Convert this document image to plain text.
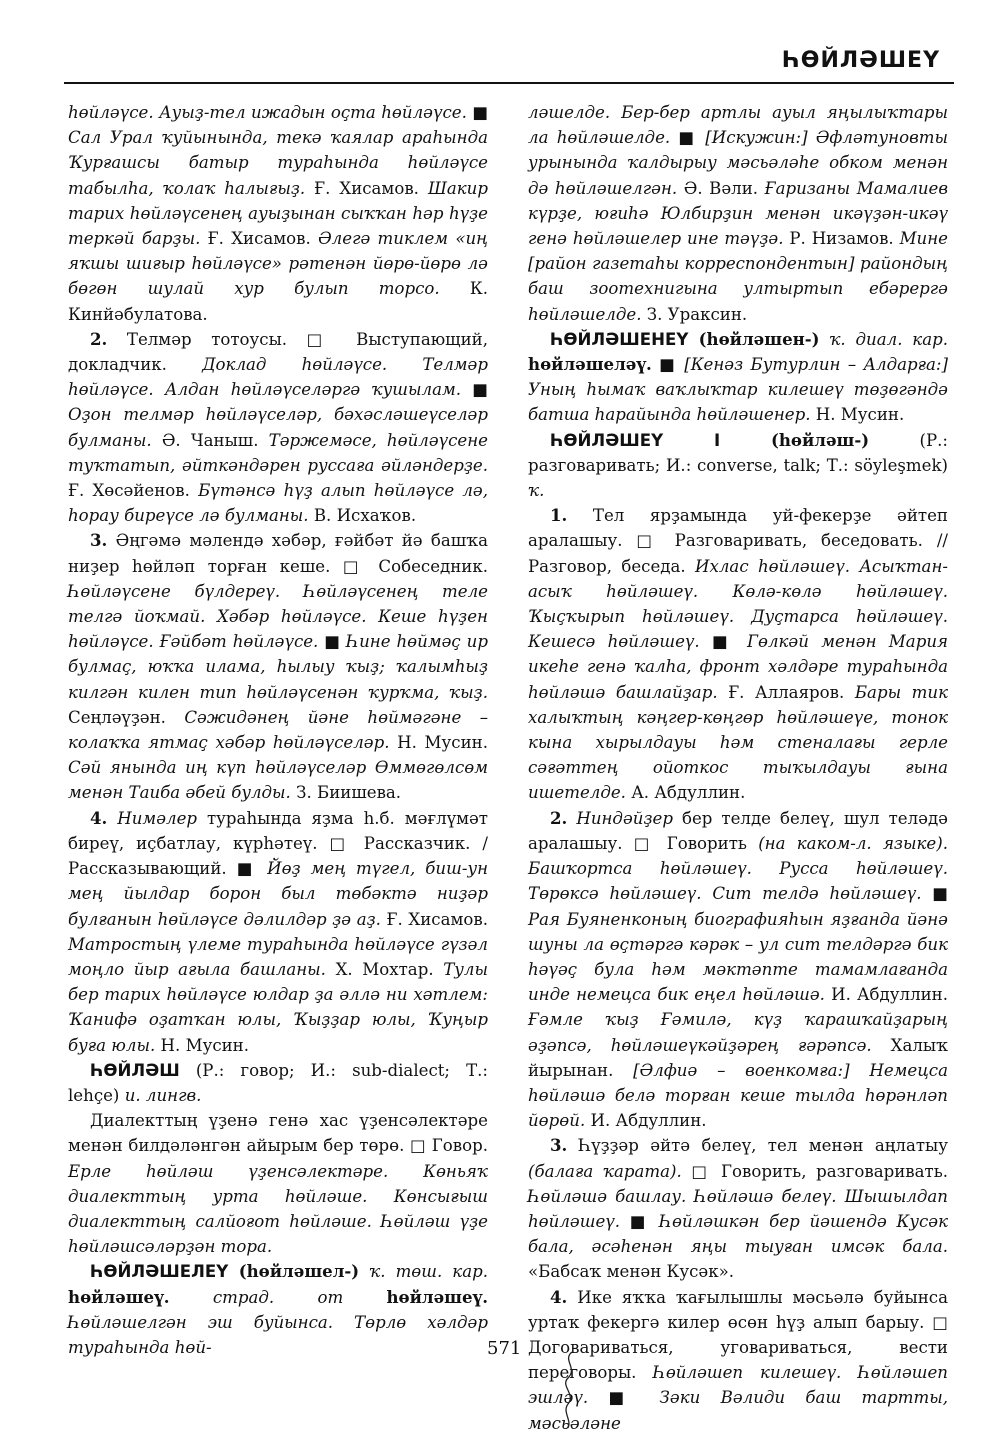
ҺӨЙЛӘШЕҮ

һөйләүсе. Ауыҙ-тел ижадын оҫта һөйләүсе. ■ Сал Урал ҡуйынында, текә ҡаялар араһында Ҡурғашсы батыр тураһында һөйләүсе табылһа, ҡолаҡ һалығыҙ. Ғ. Хисамов. Шакир тарих һөйләүсенең ауыҙынан сыҡҡан һәр һүҙе теркәй барҙы. Ғ. Хисамов. Әлегә тиклем «иң яҡшы шиғыр һөйләүсе» рәтенән йөрө-йөрө лә бөгөн шулай хур булып торсо. К. Кинйәбулатова.

2. Телмәр тотоусы. □ Выступающий, докладчик. Доклад һөйләүсе. Телмәр һөйләүсе. Алдан һөйләүселәргә ҡушылам. ■ Оҙон телмәр һөйләүселәр, бәхәсләшеүселәр булманы. Ә. Чаныш. Тәржемәсе, һөйләүсене туҡтатып, әйткәндәрен руссаға әйләндерҙе. Ғ. Хөсәйенов. Бүтәнсә һүҙ алып һөйләүсе лә, һорау биреүсе лә булманы. В. Исхаҡов.

3. Әңгәмә мәлендә хәбәр, ғәйбәт йә башҡа ниҙер һөйләп торған кеше. □ Собеседник. Һөйләүсене бүлдереү. Һөйләүсенең теле телгә йоҡмай. Хәбәр һөйләүсе. Кеше һүҙен һөйләүсе. Ғәйбәт һөйләүсе. ■ Һине һөймәҫ ир булмаҫ, юҡҡа илама, һылыу ҡыҙ; ҡалымһыҙ килгән килен тип һөйләүсенән ҡурҡма, ҡыҙ. Сеңләүҙән. Сәжидәнең йәне һөймәгәне – колаҡҡа ятмаҫ хәбәр һөйләүселәр. Н. Мусин. Сәй янында иң күп һөйләүселәр Өммөгөлсөм менән Таиба әбей булды. З. Биишева.

4. Нимәлер тураһында яҙма һ.б. мәғлүмәт биреү, иҫбатлау, күрһәтеү. □ Рассказчик. / Рассказывающий. ■ Йөҙ мең түгел, биш-ун мең йылдар борон был төбәктә ниҙәр булғанын һөйләүсе дәлилдәр ҙә аҙ. Ғ. Хисамов. Матростың үлеме тураһында һөйләүсе гүзәл моңло йыр ағыла башланы. Х. Мохтар. Тулы бер тарих һөйләүсе юлдар ҙа әллә ни хәтлем: Ҡанифә оҙатҡан юлы, Ҡыҙҙар юлы, Ҡуңыр буға юлы. Н. Мусин.

ҺӨЙЛӘШ (Р.: говор; И.: sub-dialect; Т.: lehçe) и. лингв.

Диалекттың үҙенә генә хас үҙенсәлектәре менән билдәләнгән айырым бер төрө. □ Говор. Ерле һөйләш үҙенсәлектәре. Көньяҡ диалекттың урта һөйләше. Көнсығыш диалекттың салйоғот һөйләше. Һөйләш үҙе һөйләшсәләрҙән тора.

ҺӨЙЛӘШЕЛЕҮ (һөйләшел-) ҡ. төш. кар. һөйләшеү. страд. от һөйләшеү. Һөйләшелгән эш буйынса. Төрлө хәлдәр тураһында һөй-

ләшелде. Бер-бер артлы ауыл яңылыҡтары ла һөйләшелде. ■ [Искужин:] Әфләтуновты урынында ҡалдырыу мәсьәләһе обком менән дә һөйләшелгән. Ә. Вәли. Ғаризаны Мамалиев күрҙе, юғиһә Юлбирҙин менән икәүҙән-икәү генә һөйләшелер ине тәүҙә. Р. Низамов. Мине [район газетаһы корреспондентын] райондың баш зоотехнигына ултыртып ебәрергә һөйләшелде. З. Ураксин.

ҺӨЙЛӘШЕНЕҮ (һөйләшен-) ҡ. диал. кар. һөйләшеләү. ■ [Кенәз Бутурлин – Алдарға:] Уның һымаҡ ваҡлыҡтар килешеү төҙөгәндә батша һарайында һөйләшенер. Н. Мусин.

ҺӨЙЛӘШЕҮ I (һөйләш-) (Р.: разговаривать; И.: converse, talk; Т.: söyleşmek) ҡ.

1. Тел ярҙамында уй-фекерҙе әйтеп аралашыу. □ Разговаривать, беседовать. // Разговор, беседа. Ихлас һөйләшеү. Асыҡтан-асыҡ һөйләшеү. Көлә-көлә һөйләшеү. Ҡыҫҡырып һөйләшеү. Дуҫтарса һөйләшеү. Кешесә һөйләшеү. ■ Гөлкәй менән Мария икеһе генә ҡалһа, фронт хәлдәре тураһында һөйләшә башлайҙар. Ғ. Аллаяров. Бары тик халыҡтың кәңгер-көңгөр һөйләшеүе, тонок кына хырылдауы һәм стеналағы герле сәғәттең ойоткос тыҡылдауы ғына ишетелде. А. Абдуллин.

2. Ниндәйҙер бер телде белеү, шул теләдә аралашыу. □ Говорить (на каком-л. языке). Башҡортса һөйләшеү. Русса һөйләшеү. Төрөксә һөйләшеү. Сит телдә һөйләшеү. ■ Рая Буяненконың биографияһын яҙғанда йәнә шуны ла өҫтәргә кәрәк – ул сит телдәргә бик һәүәҫ була һәм мәктәпте тамамлағанда инде немецса бик еңел һөйләшә. И. Абдуллин. Ғәмле ҡыҙ Ғәмилә, күҙ ҡарашҡайҙарың әҙәпсә, һөйләшеүкәйҙәрең ғәрәпсә. Халыҡ йырынан. [Әлфиә – военкомға:] Немецса һөйләшә белә торған кеше тылда һөрәнләп йөрөй. И. Абдуллин.

3. Һүҙҙәр әйтә белеү, тел менән аңлатыу (балаға ҡарата). □ Говорить, разговаривать. Һөйләшә башлау. Һөйләшә белеү. Шышылдап һөйләшеү. ■ Һөйләшкән бер йәшендә Кусәк бала, әсәһенән яңы тыуған имсәк бала. «Бабсаҡ менән Кусәк».

4. Ике яҡҡа ҡағылышлы мәсьәлә буйынса уртаҡ фекергә килер өсөн һүҙ алып барыу. □ Договариваться, уговариваться, вести переговоры. Һөйләшеп килешеү. Һөйләшеп эшләү. ■ Зәки Вәлиди баш тартты, мәсьәләне

571
